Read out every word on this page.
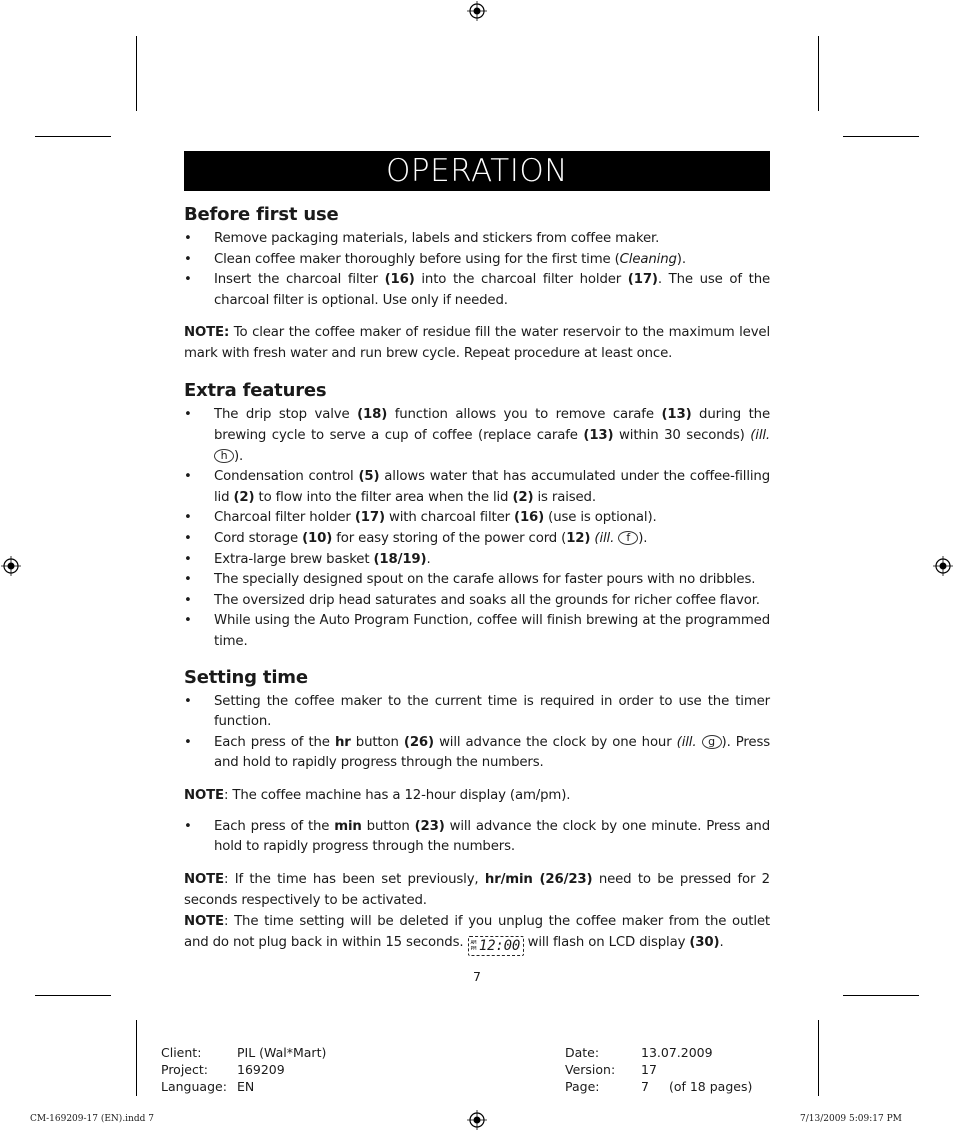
OPERATION
Before first use
• Remove packaging materials, labels and stickers from coffee maker.
• Clean coffee maker thoroughly before using for the first time (Cleaning).
• Insert the charcoal filter (16) into the charcoal filter holder (17). The use of the charcoal filter is optional. Use only if needed.

NOTE: To clear the coffee maker of residue fill the water reservoir to the maximum level mark with fresh water and run brew cycle. Repeat procedure at least once.

Extra features
• The drip stop valve (18) function allows you to remove carafe (13) during the brewing cycle to serve a cup of coffee (replace carafe (13) within 30 seconds) (ill. h ).
• Condensation control (5) allows water that has accumulated under the coffee-filling lid (2) to flow into the filter area when the lid (2) is raised.
• Charcoal filter holder (17) with charcoal filter (16) (use is optional).
• Cord storage (10) for easy storing of the power cord (12) (ill. f ).
• Extra-large brew basket (18/19).
• The specially designed spout on the carafe allows for faster pours with no dribbles.
• The oversized drip head saturates and soaks all the grounds for richer coffee flavor.
• While using the Auto Program Function, coffee will finish brewing at the programmed time.
Setting time
• Setting the coffee maker to the current time is required in order to use the timer function.
• Each press of the hr button (26) will advance the clock by one hour (ill. g ). Press and hold to rapidly progress through the numbers.

NOTE: The coffee machine has a 12-hour display (am/pm).

• Each press of the min button (23) will advance the clock by one minute. Press and hold to rapidly progress through the numbers.

NOTE: If the time has been set previously, hr/min (26/23) need to be pressed for 2 seconds respectively to be activated.

NOTE: The time setting will be deleted if you unplug the coffee maker from the outlet and do not plug back in within 15 seconds. AM
PM 12:00 will flash on LCD display (30).

7
Client:	PIL (Wal*Mart)
Project:	169209
Language: EN
Date:	13.07.2009
Version:	17
Page:	7 (of 18 pages)
CM-169209-17 (EN).indd 7	7/13/2009 5:09:17 PM
